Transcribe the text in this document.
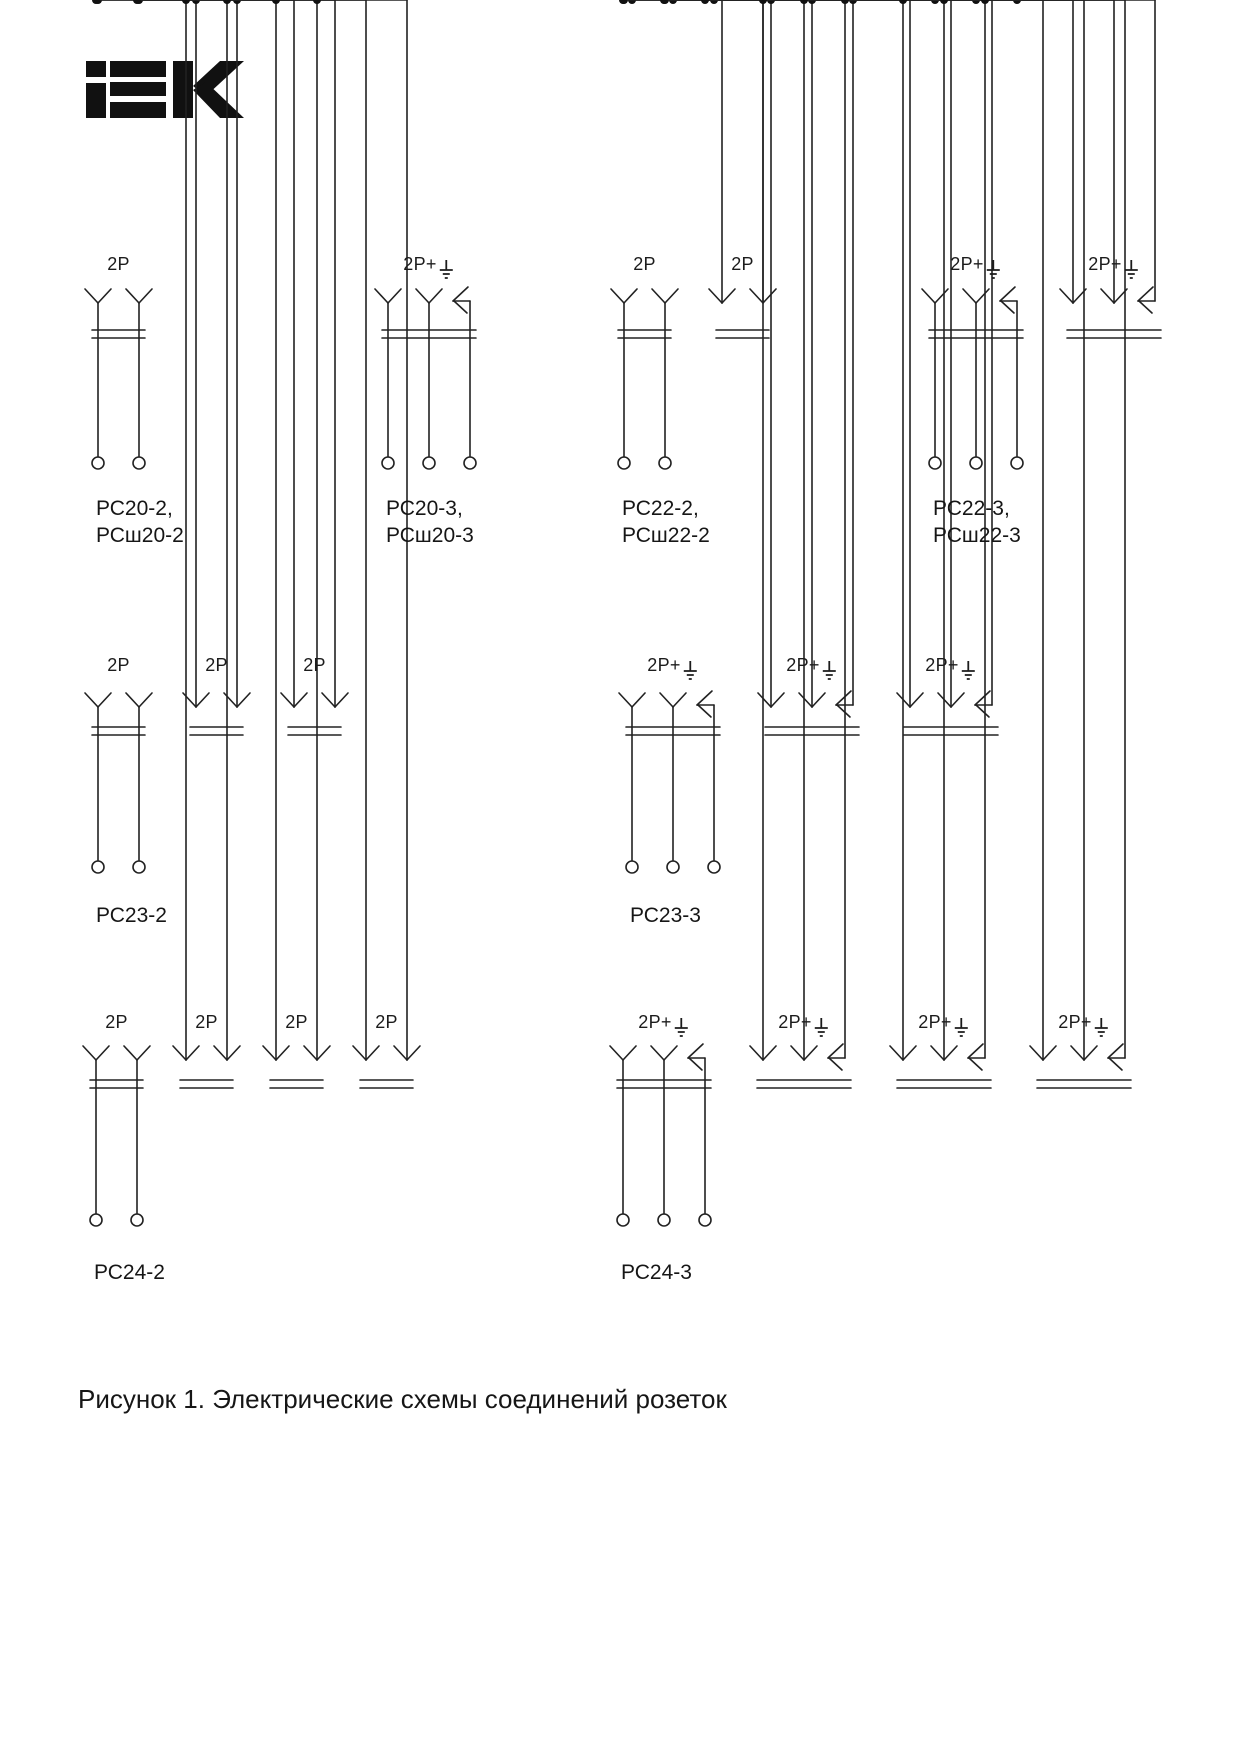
2P
РС20-2,
РСш20-2
2P+
РС20-3,
РСш20-3
2P	2P
РС22-2,
РСш22-2
2P+	2P+
РС22-3,
РСш22-3
2P	2P	2P
РС23-2
2P+	2P+	2P+
РС23-3
2P	2P	2P	2P
РС24-2
2P+	2P+	2P+	2P+
РС24-3
Рисунок 1. Электрические схемы соединений розеток
